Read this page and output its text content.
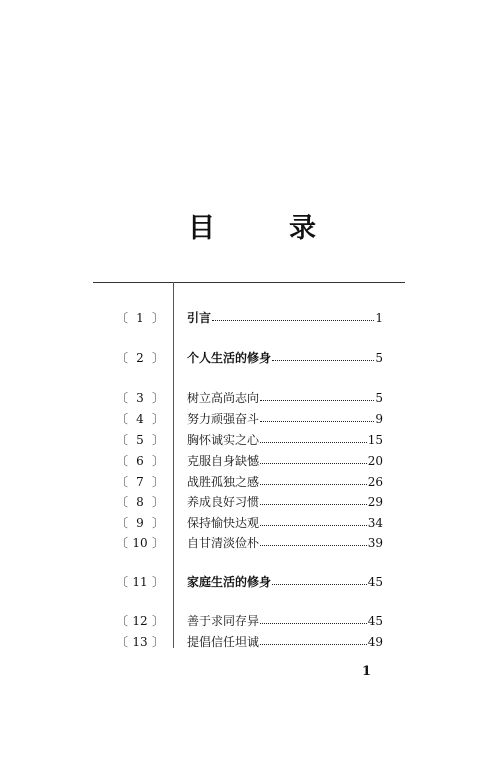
目	录
〔 1 〕 引言	1
〔 2 〕 个人生活的修身	5
〔 3 〕 树立高尚志向	5
〔 4 〕 努力顽强奋斗	9
〔 5 〕 胸怀诚实之心	15
〔 6 〕 克服自身缺憾	20
〔 7 〕 战胜孤独之感	26
〔 8 〕 养成良好习惯	29
〔 9 〕 保持愉快达观	34
〔 10 〕 自甘清淡俭朴	39
〔 11 〕 家庭生活的修身	45
〔 12 〕 善于求同存异	45
〔 13 〕 提倡信任坦诚	49
1
